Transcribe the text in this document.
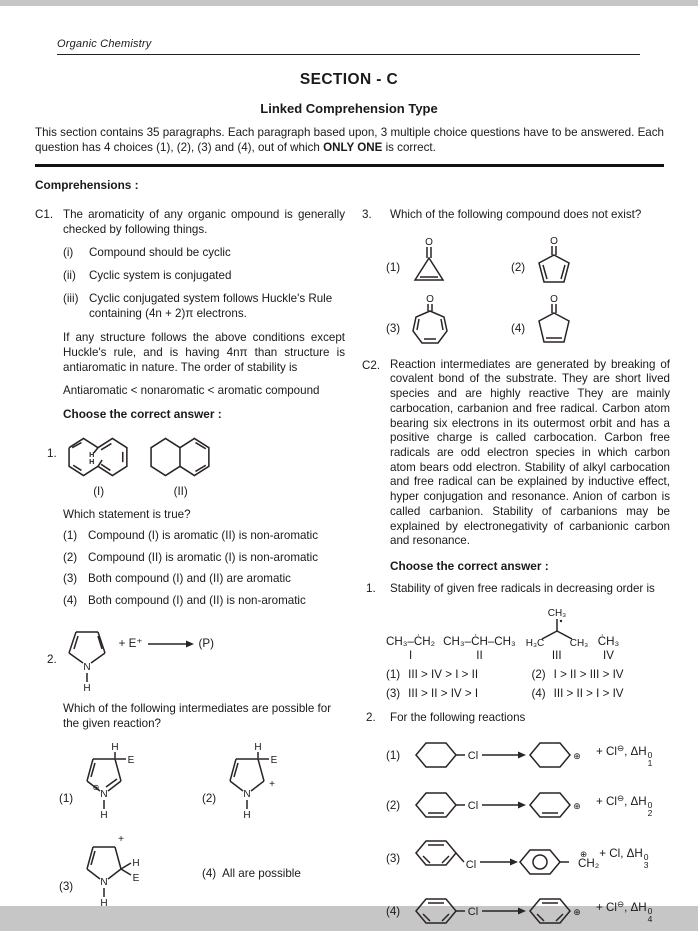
Organic Chemistry
SECTION - C
Linked Comprehension Type
This section contains 35 paragraphs. Each paragraph based upon, 3 multiple choice questions have to be answered. Each question has 4 choices (1), (2), (3) and (4), out of which ONLY ONE is correct.
Comprehensions :
C1. The aromaticity of any organic ompound is generally checked by following things.
(i)	Compound should be cyclic
(ii)	Cyclic system is conjugated
(iii) Cyclic conjugated system follows Huckle's Rule containing (4n + 2)π electrons.
If any structure follows the above conditions except Huckle's rule, and is having 4nπ than structure is antiaromatic in nature. The order of stability is
Antiaromatic < nonaromatic < aromatic compound
Choose the correct answer :
1.	H
H
(I)	(II)
Which statement is true?
(1) Compound (I) is aromatic (II) is non-aromatic
(2) Compound (II) is aromatic (I) is non-aromatic
(3) Both compound (I) and (II) are aromatic
(4) Both compound (I) and (II) is non-aromatic
2.
N
H
+ E⁺ → (P)
Which of the following intermediates are possible for the given reaction?
(1)
H
E
⊕
N
H
(2)
H
E
+
N
H
(3)
+
H
E
N
H
(4) All are possible
3.	Which of the following compound does not exist?
(1)
O
(2)
O
(3)
O
(4)
O
C2. Reaction intermediates are generated by breaking of covalent bond of the substrate. They are short lived species and are highly reactive They are mainly carbocation, carbanion and free radical. Carbon atom bearing six electrons in its outermost orbit and has a positive charge is called carbocation. Carbon free radicals are odd electron species in which carbon atom bears odd electron. Stability of alkyl carbocation and free radical can be explained by inductive effect, hyper conjugation and resonance. Anion of carbon is called carbanion. Stability of carbanions may be explained by electronegativity of carbanionic carbon and resonance.
Choose the correct answer :
1.	Stability of given free radicals in decreasing order is
CH₃–ĊH₂
I
CH₃–ĊH–CH₃
II
CH₃
H₃C	CH₃
III
ĊH₃
IV
(1) III > IV > I > II	(2) I > II > III > IV
(3) III > II > IV > I	(4) III > II > I > IV
2.	For the following reactions
(1)	Cl	⊕ + Cl⊖, ΔH 0
1
(2)	Cl	⊕ + Cl⊖, ΔH 0
2
(3)
Cl
⊕
CH₂
+ Cl, ΔH 0
3
(4)	Cl	⊕ + Cl⊖, ΔH 0
4
